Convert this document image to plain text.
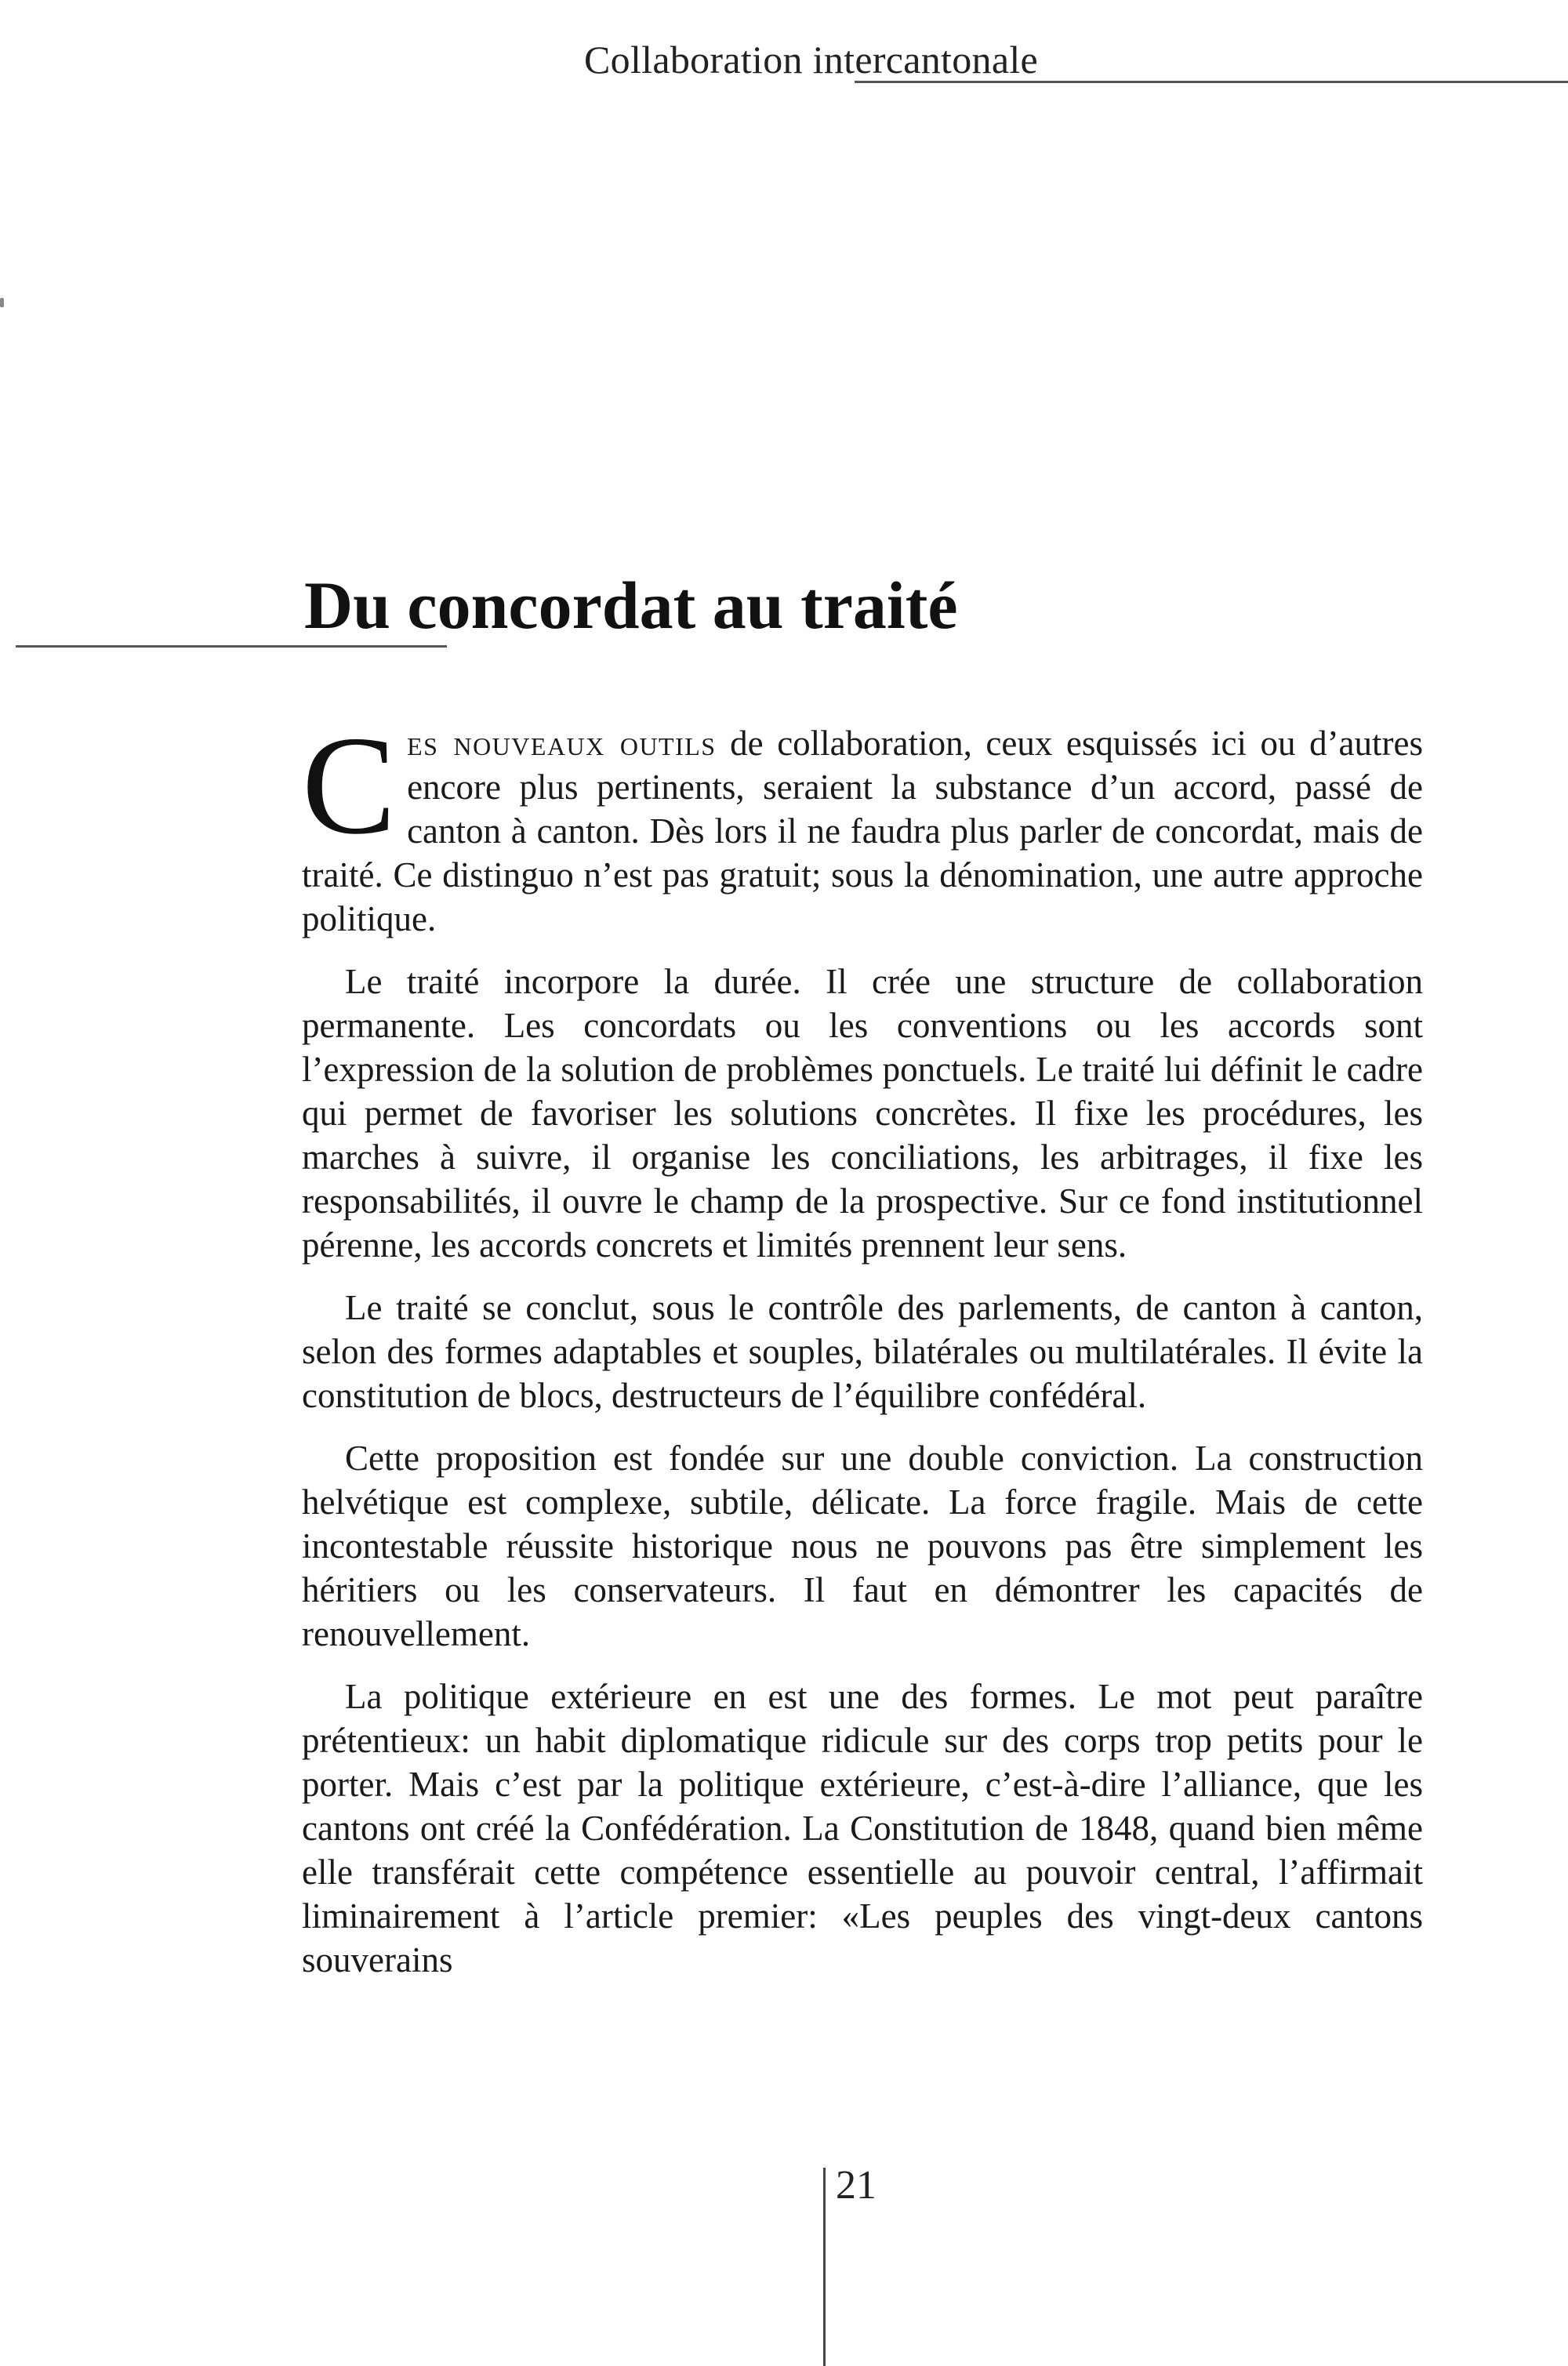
Collaboration intercantonale
Du concordat au traité

Ces nouveaux outils de collaboration, ceux esquissés ici ou d’autres encore plus pertinents, seraient la substance d’un accord, passé de canton à canton. Dès lors il ne faudra plus parler de concordat, mais de traité. Ce distinguo n’est pas gratuit; sous la dénomination, une autre approche politique.

Le traité incorpore la durée. Il crée une structure de collaboration permanente. Les concordats ou les conventions ou les accords sont l’expression de la solution de problèmes ponctuels. Le traité lui définit le cadre qui permet de favoriser les solutions concrètes. Il fixe les procédures, les marches à suivre, il organise les conciliations, les arbitrages, il fixe les responsabilités, il ouvre le champ de la prospective. Sur ce fond institutionnel pérenne, les accords concrets et limités prennent leur sens.

Le traité se conclut, sous le contrôle des parlements, de canton à canton, selon des formes adaptables et souples, bilatérales ou multilatérales. Il évite la constitution de blocs, destructeurs de l’équilibre confédéral.

Cette proposition est fondée sur une double conviction. La construction helvétique est complexe, subtile, délicate. La force fragile. Mais de cette incontestable réussite historique nous ne pouvons pas être simplement les héritiers ou les conservateurs. Il faut en démontrer les capacités de renouvellement.

La politique extérieure en est une des formes. Le mot peut paraître prétentieux: un habit diplomatique ridicule sur des corps trop petits pour le porter. Mais c’est par la politique extérieure, c’est-à-dire l’alliance, que les cantons ont créé la Confédération. La Constitution de 1848, quand bien même elle transférait cette compétence essentielle au pouvoir central, l’affirmait liminairement à l’article premier: «Les peuples des vingt-deux cantons souverains

21
